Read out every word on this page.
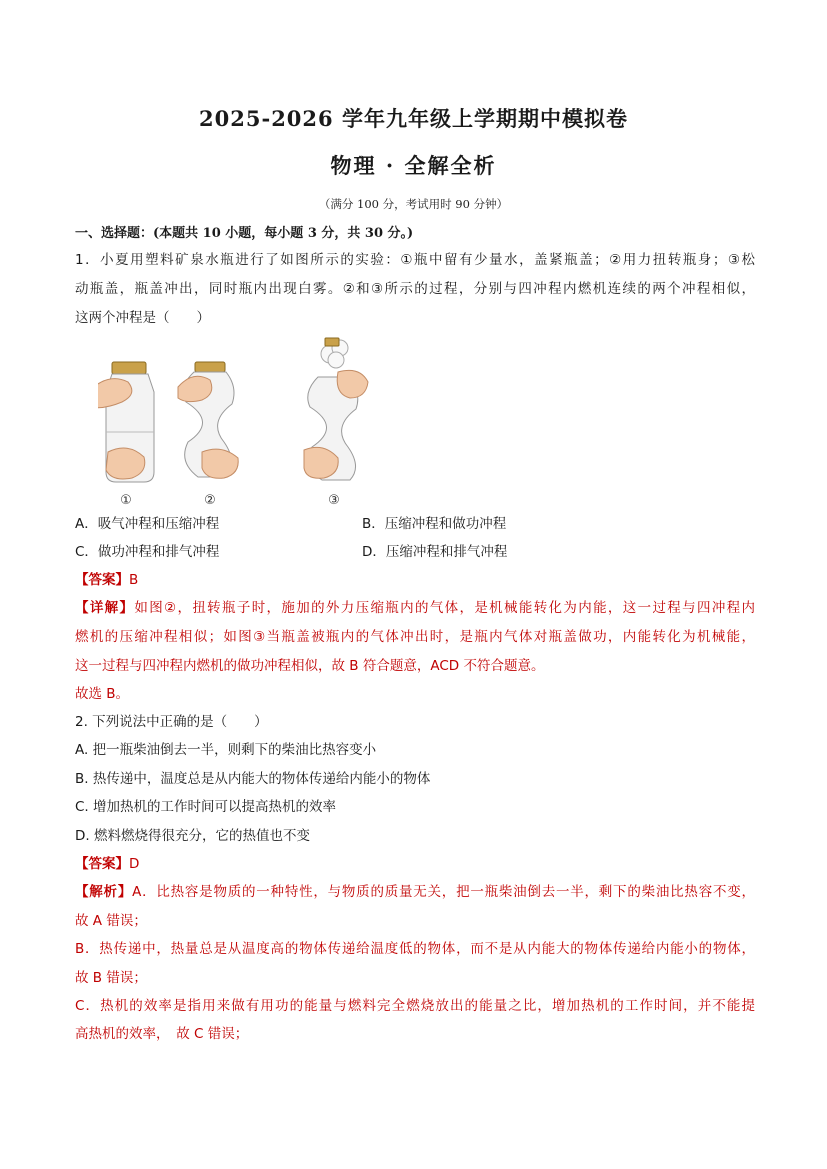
2025-2026 学年九年级上学期期中模拟卷
物理 · 全解全析
（满分 100 分，考试用时 90 分钟）
一、选择题：(本题共 10 小题，每小题 3 分，共 30 分。)
1．小夏用塑料矿泉水瓶进行了如图所示的实验：①瓶中留有少量水，盖紧瓶盖；②用力扭转瓶身；③松
动瓶盖，瓶盖冲出，同时瓶内出现白雾。②和③所示的过程，分别与四冲程内燃机连续的两个冲程相似，
这两个冲程是（　　）
①	②	③
A．吸气冲程和压缩冲程	B．压缩冲程和做功冲程
C．做功冲程和排气冲程	D．压缩冲程和排气冲程
【答案】B
【详解】如图②，扭转瓶子时，施加的外力压缩瓶内的气体，是机械能转化为内能，这一过程与四冲程内
燃机的压缩冲程相似；如图③当瓶盖被瓶内的气体冲出时，是瓶内气体对瓶盖做功，内能转化为机械能，
这一过程与四冲程内燃机的做功冲程相似，故 B 符合题意，ACD 不符合题意。
故选 B。
2. 下列说法中正确的是（　　）
A. 把一瓶柴油倒去一半，则剩下的柴油比热容变小
B. 热传递中，温度总是从内能大的物体传递给内能小的物体
C. 增加热机的工作时间可以提高热机的效率
D. 燃料燃烧得很充分，它的热值也不变
【答案】D
【解析】A．比热容是物质的一种特性，与物质的质量无关，把一瓶柴油倒去一半，剩下的柴油比热容不变，
故 A 错误；
B．热传递中，热量总是从温度高的物体传递给温度低的物体，而不是从内能大的物体传递给内能小的物体，
故 B 错误；
C．热机的效率是指用来做有用功的能量与燃料完全燃烧放出的能量之比，增加热机的工作时间，并不能提
高热机的效率，　故 C 错误；
